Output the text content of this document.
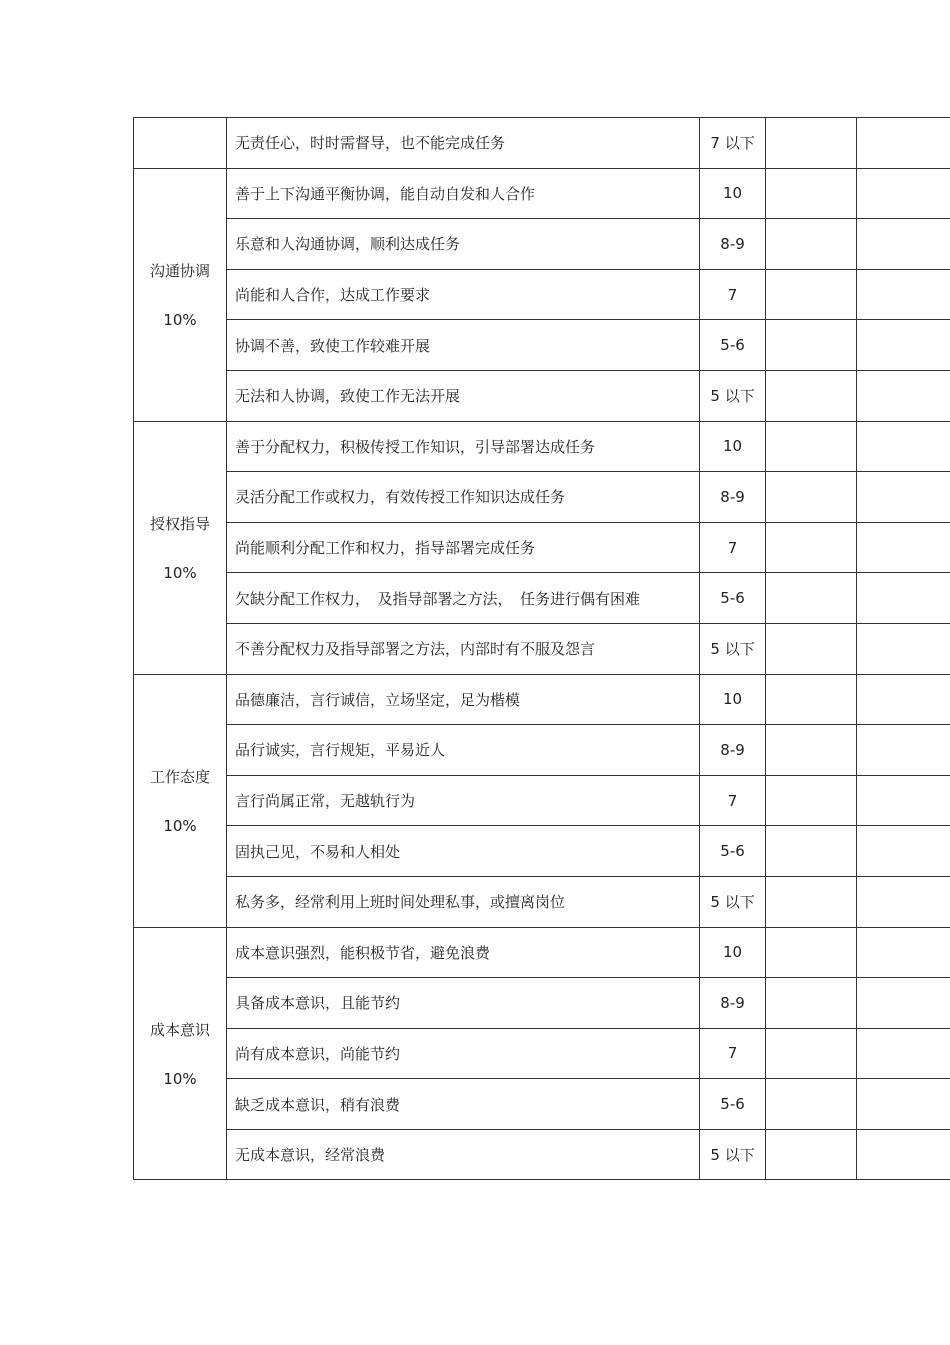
	无责任心，时时需督导，也不能完成任务	7 以下		

沟通协调
10%	善于上下沟通平衡协调，能自动自发和人合作	10		
	乐意和人沟通协调，顺利达成任务	8-9		
	尚能和人合作，达成工作要求	7		
	协调不善，致使工作较难开展	5-6		
	无法和人协调，致使工作无法开展	5 以下		

授权指导
10%	善于分配权力，积极传授工作知识，引导部署达成任务	10		
	灵活分配工作或权力，有效传授工作知识达成任务	8-9		
	尚能顺利分配工作和权力，指导部署完成任务	7		
	欠缺分配工作权力，　及指导部署之方法，　任务进行偶有困难	5-6		
	不善分配权力及指导部署之方法，内部时有不服及怨言	5 以下		

工作态度
10%	品德廉洁，言行诚信，立场坚定，足为楷模	10		
	品行诚实，言行规矩，平易近人	8-9		
	言行尚属正常，无越轨行为	7		
	固执己见，不易和人相处	5-6		
	私务多，经常利用上班时间处理私事，或擅离岗位	5 以下		

成本意识
10%	成本意识强烈，能积极节省，避免浪费	10		
	具备成本意识，且能节约	8-9		
	尚有成本意识，尚能节约	7		
	缺乏成本意识，稍有浪费	5-6		
	无成本意识，经常浪费	5 以下		
